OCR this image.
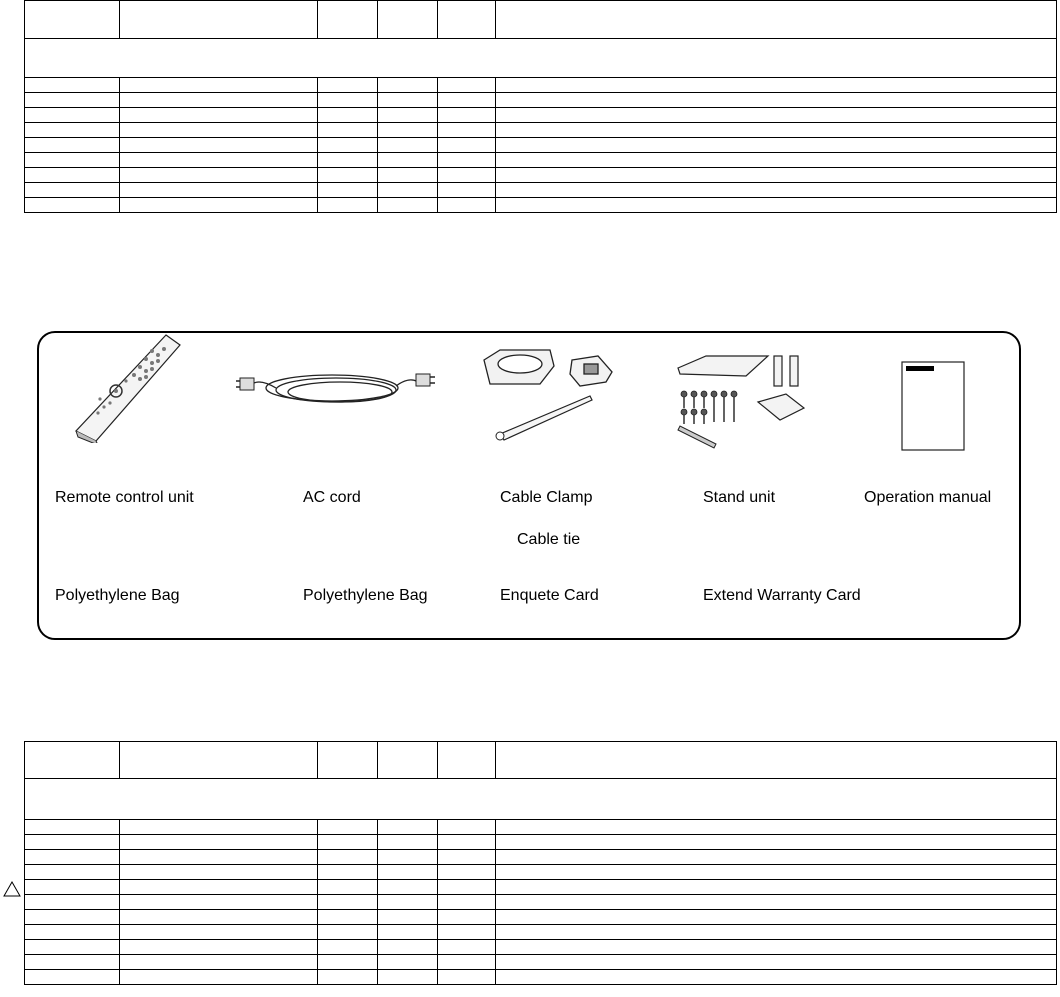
Remote control unit	AC cord	Cable Clamp	Stand unit	Operation manual
Cable tie
Polyethylene Bag	Polyethylene Bag	Enquete Card	Extend Warranty Card
